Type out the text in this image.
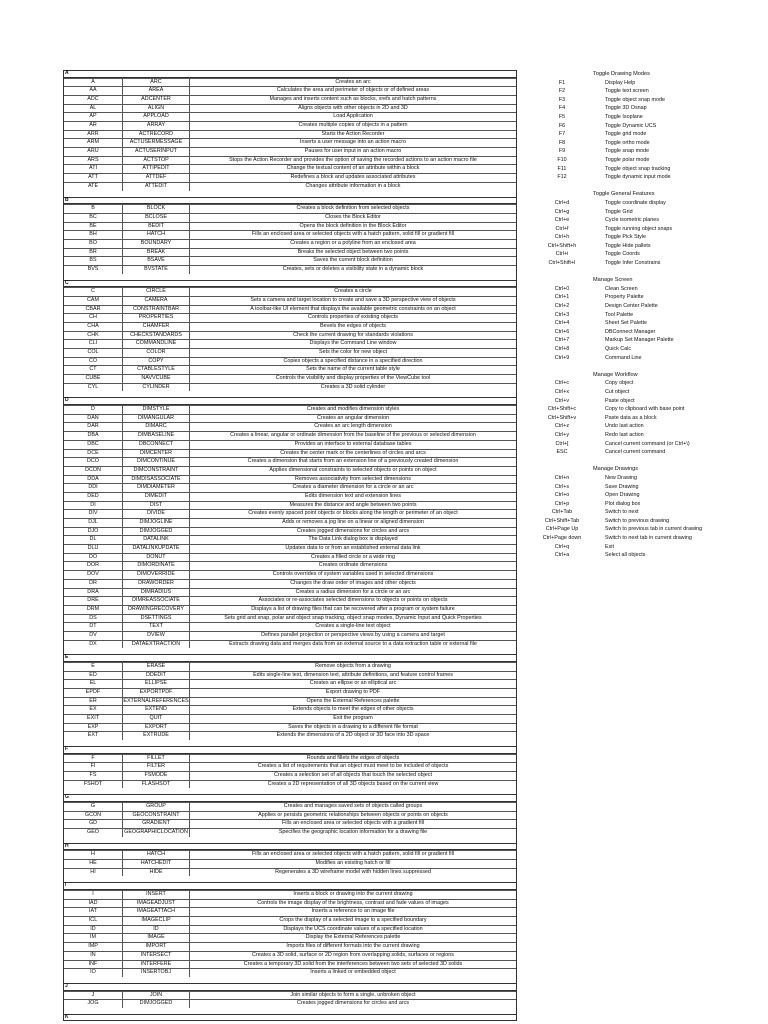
A
A	ARC	Creates an arc
AA	AREA	Calculates the area and perimeter of objects or of defined areas
ADC	ADCENTER	Manages and inserts content such as blocks, xrefs and hatch patterns
AL	ALIGN	Aligns objects with other objects in 2D and 3D
AP	APPLOAD	Load Application
AR	ARRAY	Creates multiple copies of objects in a pattern
ARR	ACTRECORD	Starts the Action Recorder
ARM	ACTUSERMESSAGE	Inserts a user message into an action macro
ARU	ACTUSERINPUT	Pauses for user input in an action macro
ARS	ACTSTOP	Stops the Action Recorder and provides the option of saving the recorded actions to an action macro file
ATI	ATTIPEDIT	Change the textual content of an attribute within a block
ATT	ATTDEF	Redefines a block and updates associated attributes
ATE	ATTEDIT	Changes attribute information in a block
B
B	BLOCK	Creates a block definition from selected objects
BC	BCLOSE	Closes the Block Editor
BE	BEDIT	Opens the block definition in the Block Editor
BH	HATCH	Fills an enclosed area or selected objects with a hatch pattern, solid fill or gradient fill
BO	BOUNDARY	Creates a region or a polyline from an enclosed area
BR	BREAK	Breaks the selected object between two points
BS	BSAVE	Saves the current block definition
BVS	BVSTATE	Creates, sets or deletes a visibility state in a dynamic block
C
C	CIRCLE	Creates a circle
CAM	CAMERA	Sets a camera and target location to create and save a 3D perspective view of objects
CBAR	CONSTRAINTBAR	A toolbar-like UI element that displays the available geometric constraints on an object
CH	PROPERTIES	Controls properties of existing objects
CHA	CHAMFER	Bevels the edges of objects
CHK	CHECKSTANDARDS	Check the current drawing for standards violations
CLI	COMMANDLINE	Displays the Command Line window
COL	COLOR	Sets the color for new object
CO	COPY	Copies objects a specified distance in a specified direction
CT	CTABLESTYLE	Sets the name of the current table style
CUBE	NAVVCUBE	Controls the visibility and display properties of the ViewCube tool
CYL	CYLINDER	Creates a 3D solid cylinder
D
D	DIMSTYLE	Creates and modifies dimension styles
DAN	DIMANGULAR	Creates an angular dimension
DAR	DIMARC	Creates an arc length dimension
DBA	DIMBASELINE	Creates a linear, angular or ordinate dimension from the baseline of the previous or selected dimension
DBC	DBCONNECT	Provides an interface to external database tables
DCE	DIMCENTER	Creates the center mark or the centerlines of circles and arcs
DCO	DIMCONTINUE	Creates a dimension that starts from an extension line of a previously created dimension
DCON	DIMCONSTRAINT	Applies dimensional constraints to selected objects or points on object
DDA	DIMDISASSOCIATE	Removes associativity from selected dimensions
DDI	DIMDIAMETER	Creates a diameter dimension for a circle or an arc
DED	DIMEDIT	Edits dimension text and extension lines
DI	DIST	Measures the distance and angle between two points
DIV	DIVIDE	Creates evenly spaced point objects or blocks along the length or perimeter of an object
DJL	DIMJOGLINE	Adds or removes a jog line on a linear or aligned dimension
DJO	DIMJOGGED	Creates jogged dimensions for circles and arcs
DL	DATALINK	The Data Link dialog box is displayed
DLU	DATALINKUPDATE	Updates data to or from an established external data link
DO	DONUT	Creates a filled circle or a wide ring
DOR	DIMORDINATE	Creates ordinate dimensions
DOV	DIMOVERRIDE	Controls overrides of system variables used in selected dimensions
DR	DRAWORDER	Changes the draw order of images and other objects
DRA	DIMRADIUS	Creates a radius dimension for a circle or an arc
DRE	DIMREASSOCIATE	Associates or re-associates selected dimensions to objects or points on objects
DRM	DRAWINGRECOVERY	Displays a list of drawing files that can be recovered after a program or system failure
DS	DSETTINGS	Sets grid and snap, polar and object snap tracking, object snap modes, Dynamic Input and Quick Properties
DT	TEXT	Creates a single-line text object
DV	DVIEW	Defines parallel projection or perspective views by using a camera and target
DX	DATAEXTRACTION	Extracts drawing data and merges data from an external source to a data extraction table or external file
E
E	ERASE	Remove objects from a drawing
ED	DDEDIT	Edits single-line text, dimension text, attribute definitions, and feature control frames
EL	ELLIPSE	Creates an ellipse or an elliptical arc
EPDF	EXPORTPDF	Export drawing to PDF
ER	EXTERNALREFERENCES	Opens the External References palette
EX	EXTEND	Extends objects to meet the edges of other objects
EXIT	QUIT	Exit the program
EXP	EXPORT	Saves the objects in a drawing to a different file format
EXT	EXTRUDE	Extends the dimensions of a 2D object or 3D face into 3D space
F
F	FILLET	Rounds and fillets the edges of objects
FI	FILTER	Creates a list of requirements that an object must meet to be included of objects
FS	FSMODE	Creates a selection set of all objects that touch the selected object
FSHOT	FLASHSOT	Creates a 2D representation of all 3D objects based on the current view
G
G	GROUP	Creates and manages saved sets of objects called groups
GCON	GEOCONSTRAINT	Applies or persists geometric relationships between objects or points on objects
GD	GRADIENT	Fills an enclosed area or selected objects with a gradient fill
GEO	GEOGRAPHICLOCATION	Specifies the geographic location information for a drawing file
H
H	HATCH	Fills an enclosed area or selected objects with a hatch pattern, solid fill or gradient fill
HE	HATCHEDIT	Modifies an existing hatch or fill
HI	HIDE	Regenerates a 3D wireframe model with hidden lines suppressed
I
I	INSERT	Inserts a block or drawing into the current drawing
IAD	IMAGEADJUST	Controls the image display of the brightness, contrast and fade values of images
IAT	IMAGEATTACH	Inserts a reference to an image file
ICL	IMAGECLIP	Crops the display of a selected image to a specified boundary
ID	ID	Displays the UCS coordinate values of a specified location
IM	IMAGE	Display the External References palette
IMP	IMPORT	Imports files of different formats into the current drawing
IN	INTERSECT	Creates a 3D solid, surface or 2D region from overlapping solids, surfaces or regions
INF	INTERFERE	Creates a temporary 3D solid from the interferences between two sets of selected 3D solids
IO	INSERTOBJ	Inserts a linked or embedded object
J
J	JOIN	Join similar objects to form a single, unbroken object
JOG	DIMJOGGED	Creates jogged dimensions for circles and arcs
K
Toggle Drawing Modes
F1	Display Help
F2	Toggle text screen
F3	Toggle object snap mode
F4	Toggle 3D Osnap
F5	Toggle Isoplane
F6	Toggle Dynamic UCS
F7	Toggle grid mode
F8	Toggle ortho mode
F9	Toggle snap mode
F10	Toggle polar mode
F11	Toggle object snap tracking
F12	Toggle dynamic input mode
Toggle General Features
Ctrl+d	Toggle coordinate display
Ctrl+g	Toggle Grid
Ctrl+e	Cycle isometric planes
Ctrl+f	Toggle running object snaps
Ctrl+h	Toggle Pick Style
Ctrl+Shift+h	Toggle Hide pallets
Ctrl+i	Toggle Coords
Ctrl+Shift+I	Toggle Infer Constrains
Manage Screen
Ctrl+0	Clean Screen
Ctrl+1	Property Palette
Ctrl+2	Design Center Palette
Ctrl+3	Tool Palette
Ctrl+4	Sheet Set Palette
Ctrl+6	DBConnect Manager
Ctrl+7	Markup Set Manager Palette
Ctrl+8	Quick Calc
Ctrl+9	Command Line
Manage Workflow
Ctrl+c	Copy object
Ctrl+x	Cut object
Ctrl+v	Paste object
Ctrl+Shift+c	Copy to clipboard with base point
Ctrl+Shift+v	Paste data as a block
Ctrl+z	Undo last action
Ctrl+y	Redo last action
Ctrl+[	Cancel current command (or Ctrl+\)
ESC	Cancel current command
Manage Drawings
Ctrl+n	New Drawing
Ctrl+s	Save Drawing
Ctrl+o	Open Drawing
Ctrl+p	Plot dialog box
Ctrl+Tab	Switch to next
Ctrl+Shift+Tab	Switch to previous drawing
Ctrl+Page Up	Switch to previous tab in current drawing
Ctrl+Page down	Switch to next tab in current drawing
Ctrl+q	Exit
Ctrl+a	Select all objects
